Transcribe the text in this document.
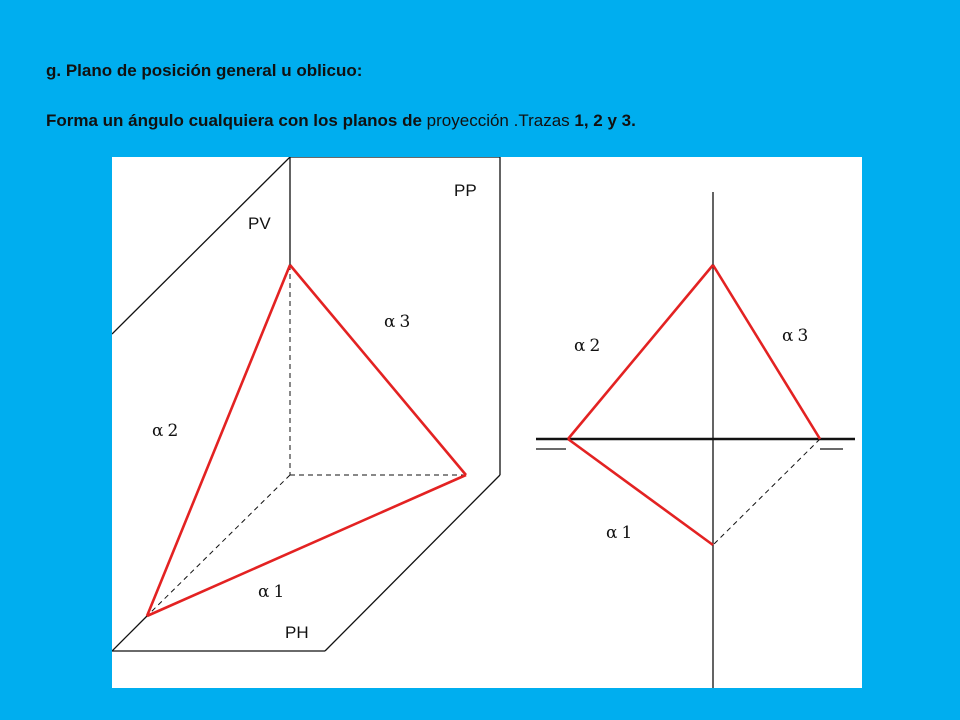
g. Plano de posición general u oblicuo:

Forma un ángulo cualquiera con los planos de proyección .Trazas 1, 2 y 3.

PV
PP
PH
α 3
α 2
α 1
α 2	α 3
α 1
